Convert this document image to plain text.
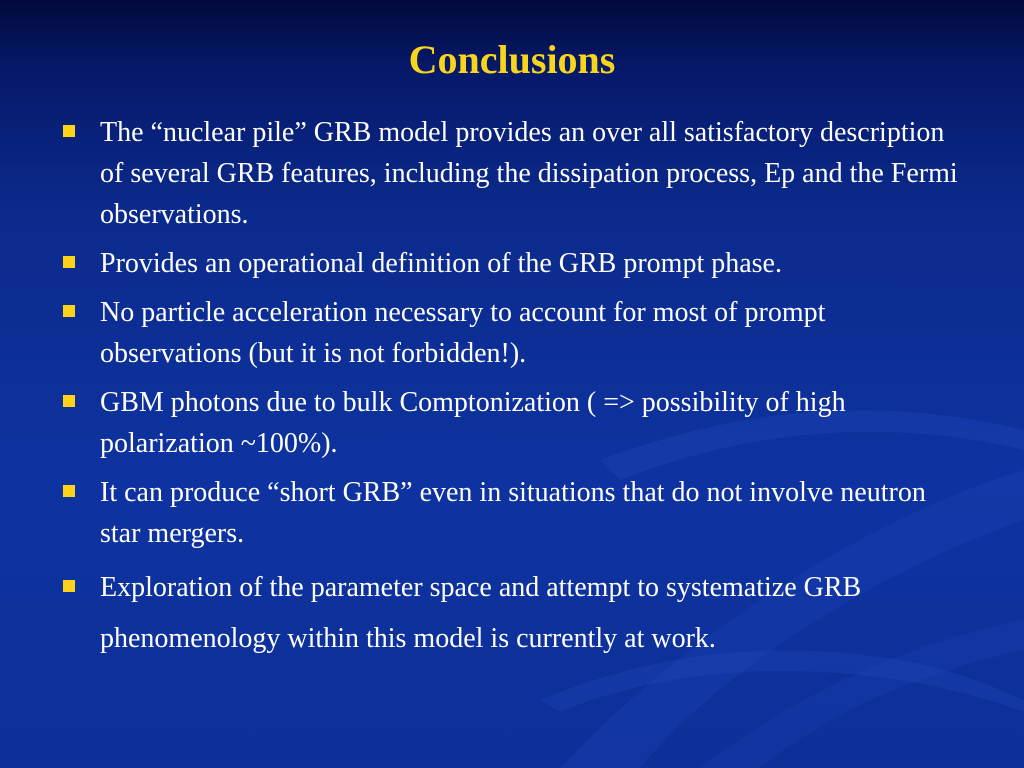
Conclusions
The “nuclear pile” GRB model provides an over all satisfactory description of several GRB features, including the dissipation process, Ep and the Fermi observations.
Provides an operational definition of the GRB prompt phase.
No particle acceleration necessary to account for most of prompt observations (but it is not forbidden!).
GBM photons due to bulk Comptonization ( => possibility of high polarization ~100%).
It can produce “short GRB” even in situations that do not involve neutron star mergers.
Exploration of the parameter space and attempt to systematize GRB phenomenology within this model is currently at work.
